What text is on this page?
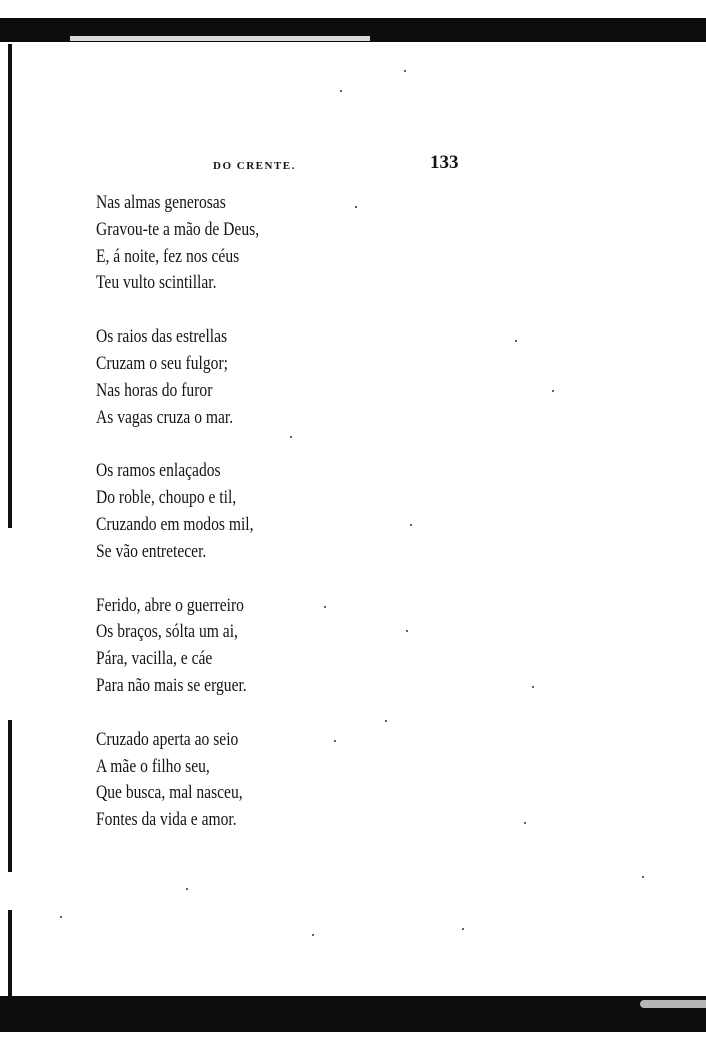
DO CRENTE.	133
Nas almas generosas
Gravou-te a mão de Deus,
E, á noite, fez nos céus
Teu vulto scintillar.
Os raios das estrellas
Cruzam o seu fulgor;
Nas horas do furor
As vagas cruza o mar.
Os ramos enlaçados
Do roble, choupo e til,
Cruzando em modos mil,
Se vão entretecer.
Ferido, abre o guerreiro
Os braços, sólta um ai,
Pára, vacilla, e cáe
Para não mais se erguer.
Cruzado aperta ao seio
A mãe o filho seu,
Que busca, mal nasceu,
Fontes da vida e amor.
